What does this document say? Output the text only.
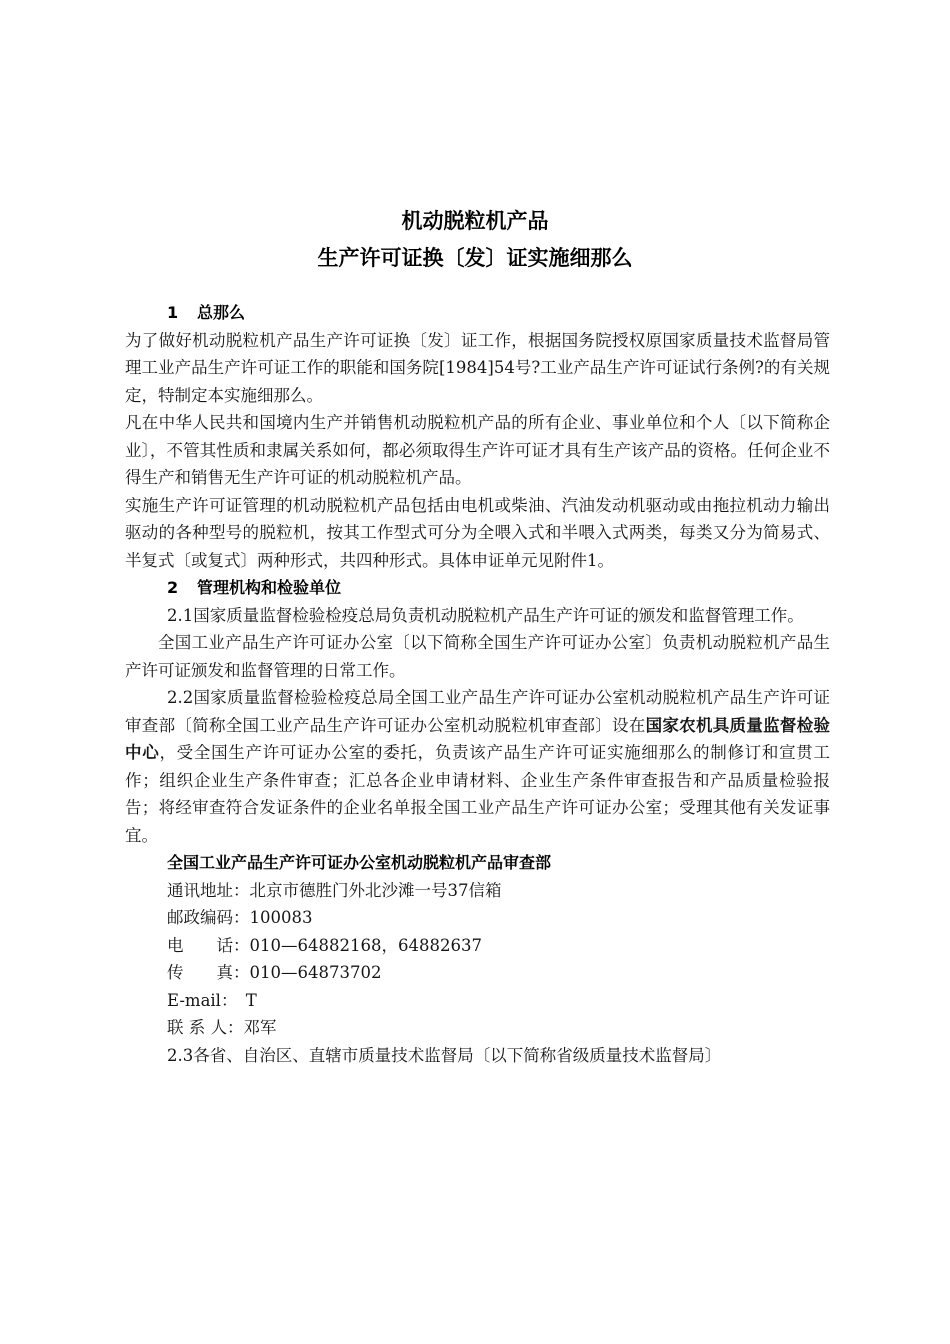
机动脱粒机产品
生产许可证换〔发〕证实施细那么

1 总那么

为了做好机动脱粒机产品生产许可证换〔发〕证工作，根据国务院授权原国家质量技术监督局管理工业产品生产许可证工作的职能和国务院[1984]54号?工业产品生产许可证试行条例?的有关规定，特制定本实施细那么。

凡在中华人民共和国境内生产并销售机动脱粒机产品的所有企业、事业单位和个人〔以下简称企业〕，不管其性质和隶属关系如何，都必须取得生产许可证才具有生产该产品的资格。任何企业不得生产和销售无生产许可证的机动脱粒机产品。

实施生产许可证管理的机动脱粒机产品包括由电机或柴油、汽油发动机驱动或由拖拉机动力输出驱动的各种型号的脱粒机，按其工作型式可分为全喂入式和半喂入式两类，每类又分为简易式、半复式〔或复式〕两种形式，共四种形式。具体申证单元见附件1。

2 管理机构和检验单位

2.1国家质量监督检验检疫总局负责机动脱粒机产品生产许可证的颁发和监督管理工作。

全国工业产品生产许可证办公室〔以下简称全国生产许可证办公室〕负责机动脱粒机产品生产许可证颁发和监督管理的日常工作。

2.2国家质量监督检验检疫总局全国工业产品生产许可证办公室机动脱粒机产品生产许可证审查部〔简称全国工业产品生产许可证办公室机动脱粒机审查部〕设在国家农机具质量监督检验中心，受全国生产许可证办公室的委托，负责该产品生产许可证实施细那么的制修订和宣贯工作；组织企业生产条件审查；汇总各企业申请材料、企业生产条件审查报告和产品质量检验报告；将经审查符合发证条件的企业名单报全国工业产品生产许可证办公室；受理其他有关发证事宜。

全国工业产品生产许可证办公室机动脱粒机产品审查部
通讯地址：北京市德胜门外北沙滩一号37信箱
邮政编码：100083
电　　话：010—64882168，64882637
传　　真：010—64873702
E-mail：　T
联 系 人：邓军
2.3各省、自治区、直辖市质量技术监督局〔以下简称省级质量技术监督局〕
